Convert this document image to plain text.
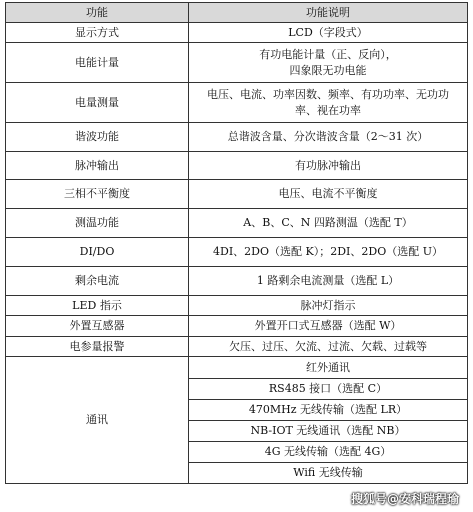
功能	功能说明
显示方式	LCD（字段式）

电能计量	有功电能计量（正、反向），
四象限无功电能

电量测量	电压、电流、功率因数、频率、有功功率、无功功
率、视在功率

谐波功能	总谐波含量、分次谐波含量（2～31 次）

脉冲输出	有功脉冲输出

三相不平衡度	电压、电流不平衡度

测温功能	A、B、C、N 四路测温（选配 T）

DI/DO	4DI、2DO（选配 K）；2DI、2DO（选配 U）

剩余电流	1 路剩余电流测量（选配 L）

LED 指示	脉冲灯指示

外置互感器	外置开口式互感器（选配 W）

电参量报警	欠压、过压、欠流、过流、欠载、过载等

通讯	红外通讯
	RS485 接口（选配 C）
	470MHz 无线传输（选配 LR）
	NB-IOT 无线通讯（选配 NB）
	4G 无线传输（选配 4G）
	Wifi 无线传输
搜狐号@安科瑞程瑜
